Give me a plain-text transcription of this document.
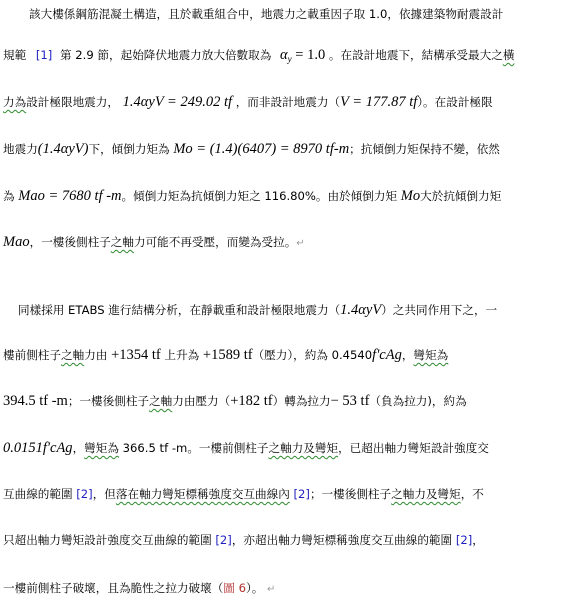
該大樓係鋼筋混凝土構造，且於載重組合中，地震力之載重因子取 1.0，依據建築物耐震設計
規範 [1] 第 2.9 節，起始降伏地震力放大倍數取為 $\alpha_y = 1.0$ 。在設計地震下，結構承受最大之橫
力為設計極限地震力， 1.4αyV = 249.02 tf ，而非設計地震力（V = 177.87 tf）。在設計極限
地震力(1.4αyV)下，傾倒力矩為 Mo = (1.4)(6407) = 8970 tf-m；抗傾倒力矩保持不變，依然
為 Mao = 7680 tf -m。傾倒力矩為抗傾倒力矩之 116.80%。由於傾倒力矩 Mo大於抗傾倒力矩
Mao，一樓後側柱子之軸力可能不再受壓，而變為受拉。↵
同樣採用 ETABS 進行結構分析，在靜載重和設計極限地震力（1.4αyV）之共同作用下之，一
樓前側柱子之軸力由 +1354 tf 上升為 +1589 tf（壓力），約為 0.4540f'cAg，彎矩為
394.5 tf -m；一樓後側柱子之軸力由壓力（+182 tf）轉為拉力− 53 tf（負為拉力)，約為
0.0151f'cAg，彎矩為 366.5 tf -m。一樓前側柱子之軸力及彎矩，已超出軸力彎矩設計強度交
互曲線的範圍 [2]，但落在軸力彎矩標稱強度交互曲線內 [2]；一樓後側柱子之軸力及彎矩，不
只超出軸力彎矩設計強度交互曲線的範圍 [2]，亦超出軸力彎矩標稱強度交互曲線的範圍 [2]，
一樓前側柱子破壞，且為脆性之拉力破壞（圖 6）。 ↵
